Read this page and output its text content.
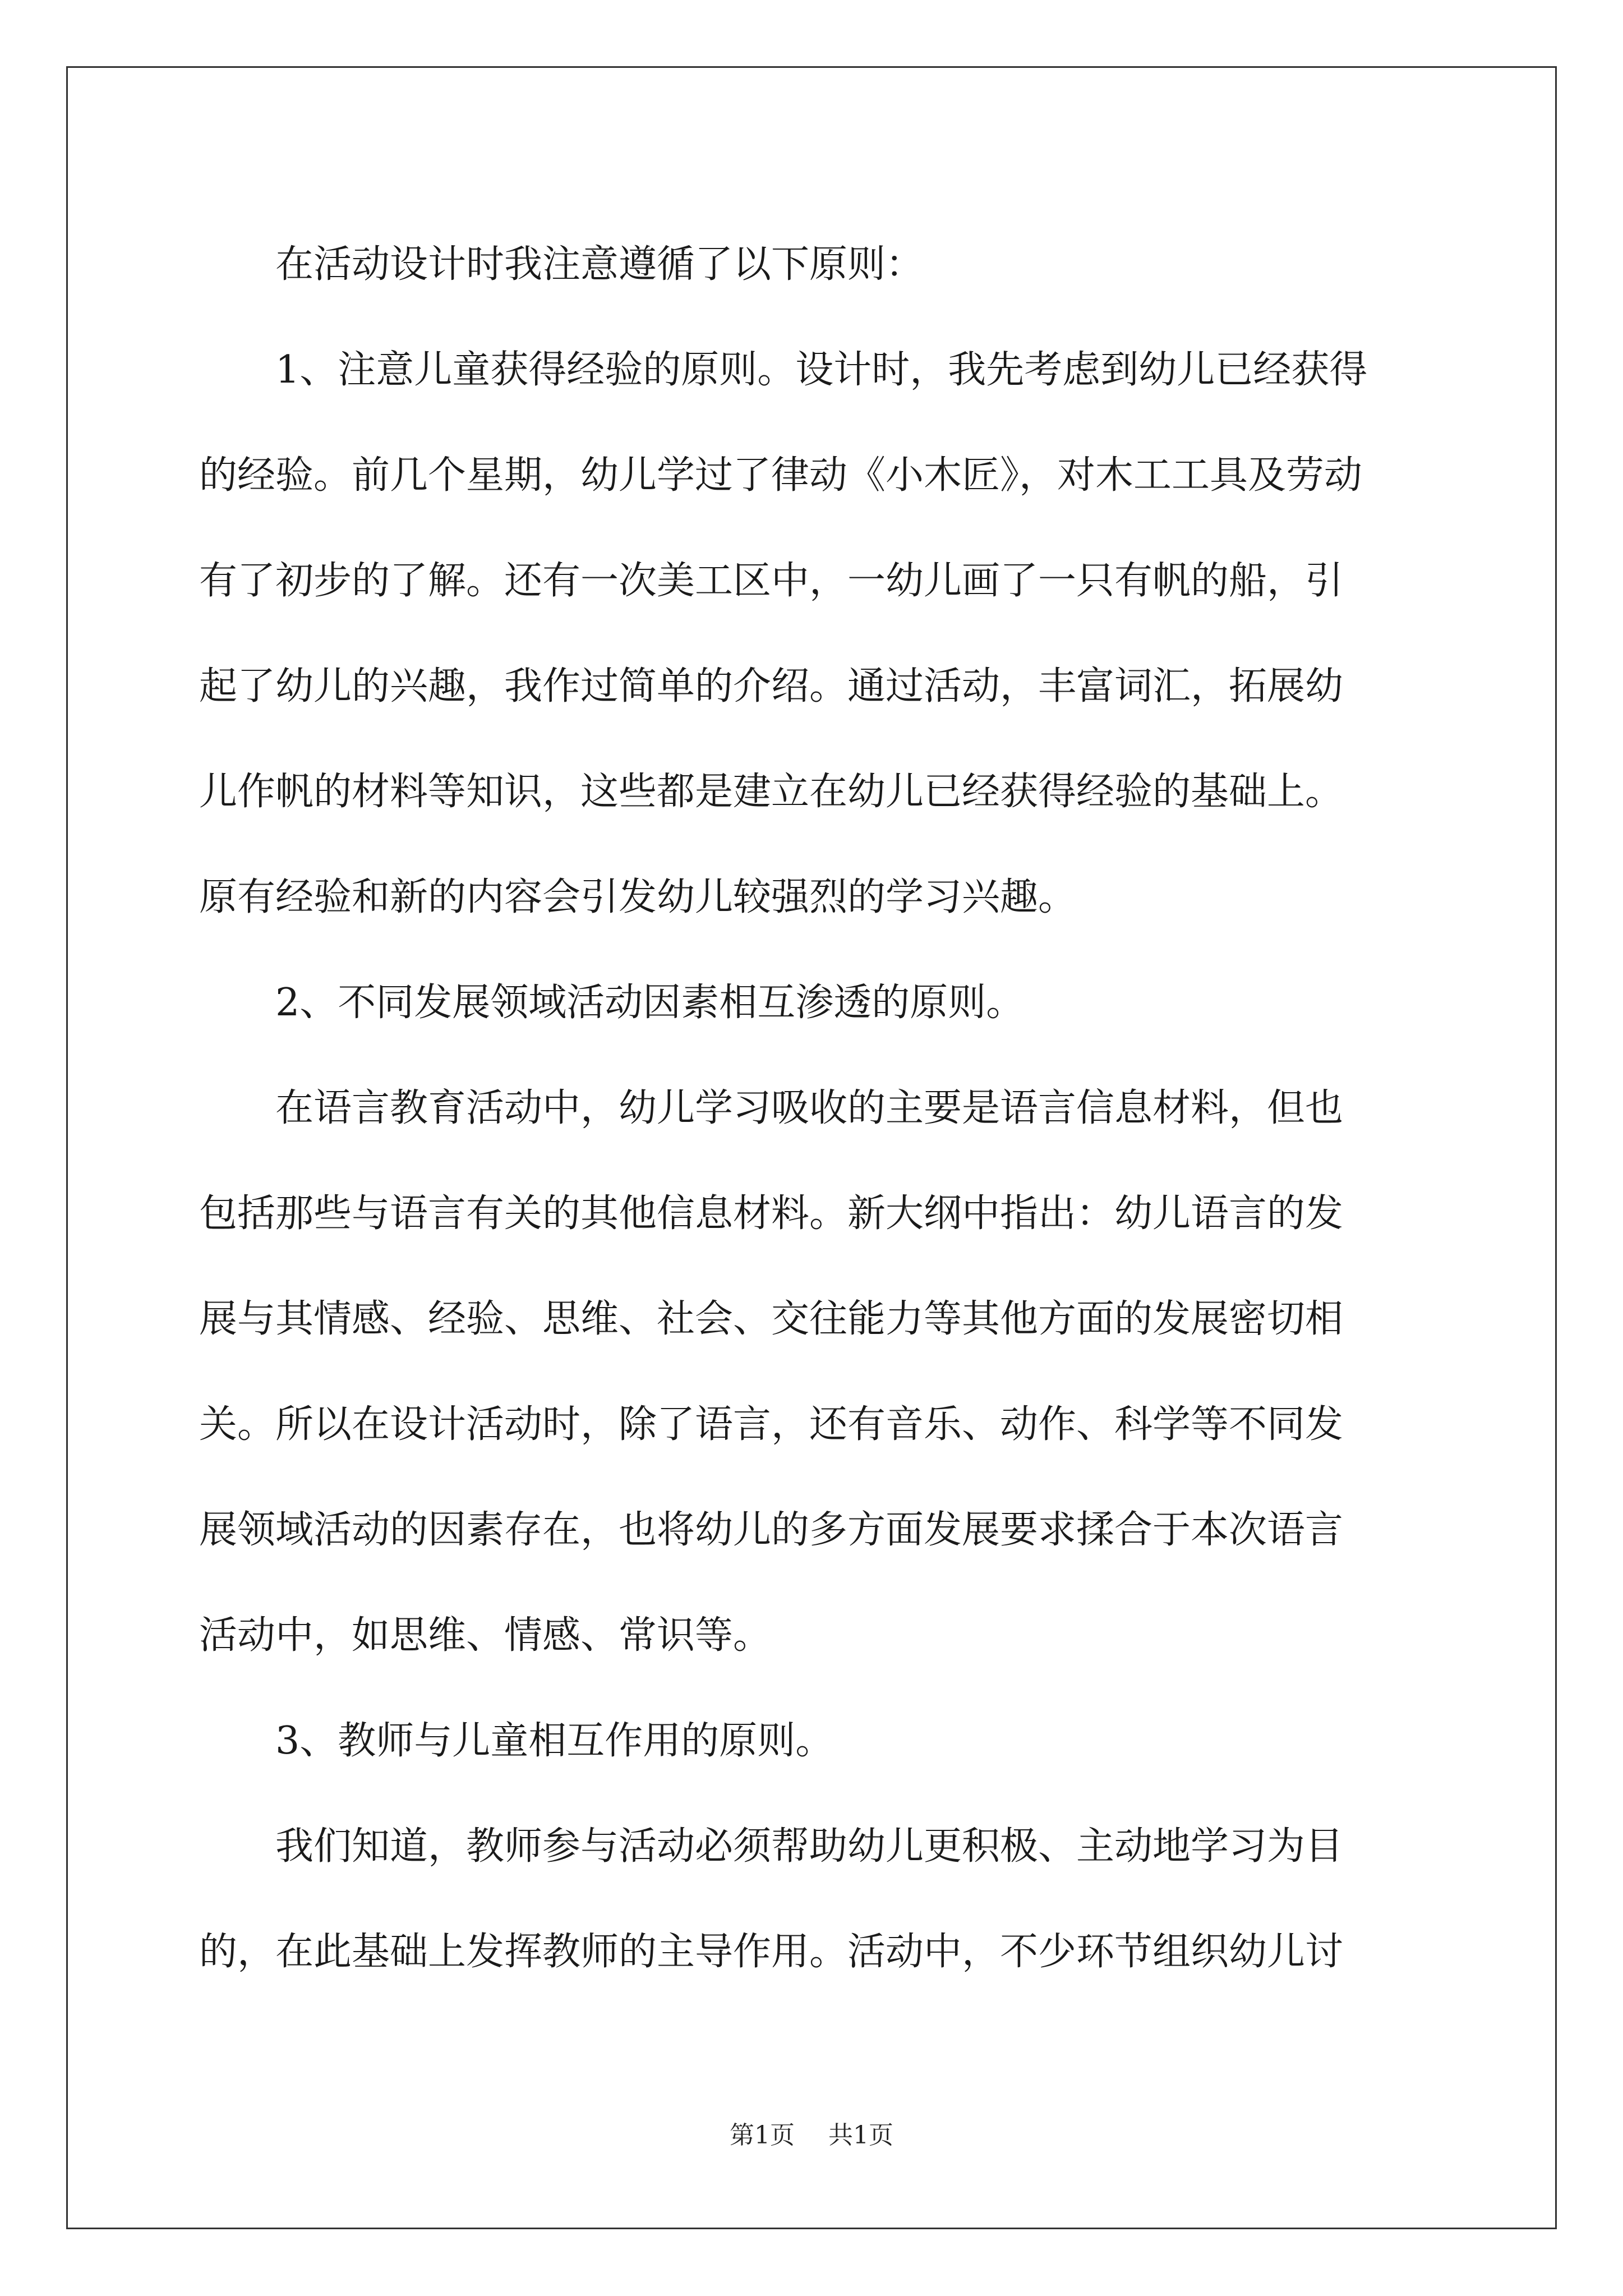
　　在活动设计时我注意遵循了以下原则：
　　1、注意儿童获得经验的原则。设计时，我先考虑到幼儿已经获得
的经验。前几个星期，幼儿学过了律动《小木匠》，对木工工具及劳动
有了初步的了解。还有一次美工区中，一幼儿画了一只有帆的船，引
起了幼儿的兴趣，我作过简单的介绍。通过活动，丰富词汇，拓展幼
儿作帆的材料等知识，这些都是建立在幼儿已经获得经验的基础上。
原有经验和新的内容会引发幼儿较强烈的学习兴趣。
　　2、不同发展领域活动因素相互渗透的原则。
　　在语言教育活动中，幼儿学习吸收的主要是语言信息材料，但也
包括那些与语言有关的其他信息材料。新大纲中指出：幼儿语言的发
展与其情感、经验、思维、社会、交往能力等其他方面的发展密切相
关。所以在设计活动时，除了语言，还有音乐、动作、科学等不同发
展领域活动的因素存在，也将幼儿的多方面发展要求揉合于本次语言
活动中，如思维、情感、常识等。
　　3、教师与儿童相互作用的原则。
　　我们知道，教师参与活动必须帮助幼儿更积极、主动地学习为目
的，在此基础上发挥教师的主导作用。活动中，不少环节组织幼儿讨
第1页 共1页
